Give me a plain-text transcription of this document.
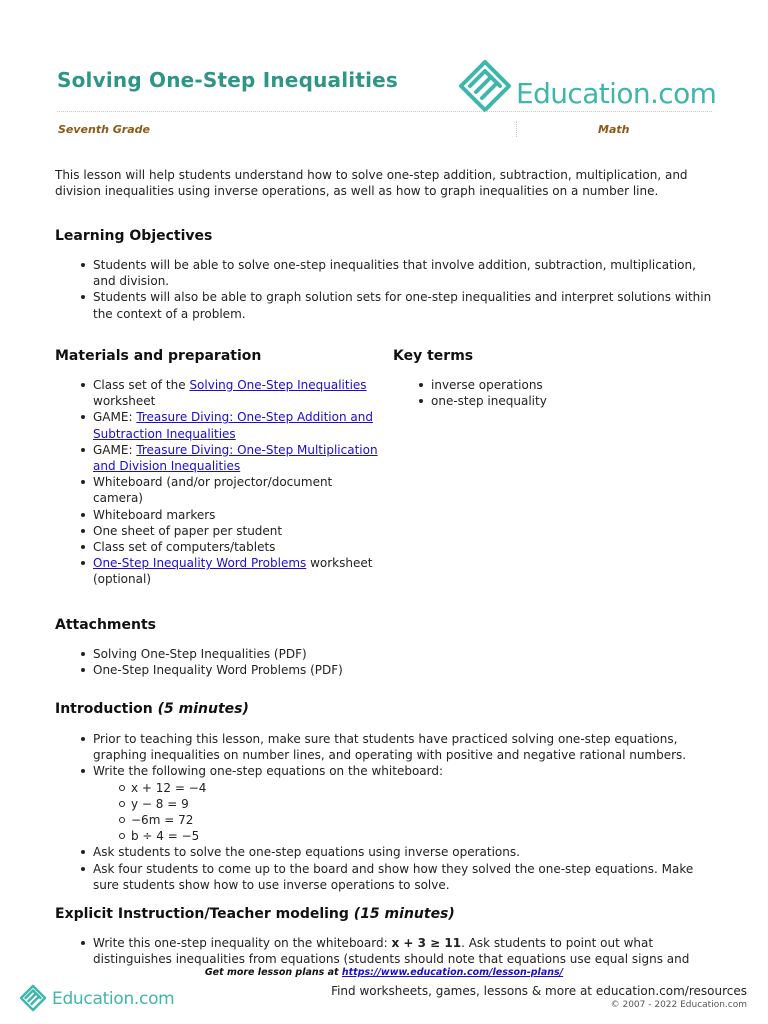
Solving One-Step Inequalities	Education.com

Seventh Grade	Math

This lesson will help students understand how to solve one-step addition, subtraction, multiplication, and division inequalities using inverse operations, as well as how to graph inequalities on a number line.

Learning Objectives
Students will be able to solve one-step inequalities that involve addition, subtraction, multiplication, and division.
Students will also be able to graph solution sets for one-step inequalities and interpret solutions within the context of a problem.
Materials and preparation
Class set of the Solving One-Step Inequalities worksheet
GAME: Treasure Diving: One-Step Addition and Subtraction Inequalities
GAME: Treasure Diving: One-Step Multiplication and Division Inequalities
Whiteboard (and/or projector/document camera)
Whiteboard markers
One sheet of paper per student
Class set of computers/tablets
One-Step Inequality Word Problems worksheet (optional)
Key terms
inverse operations
one-step inequality
Attachments
Solving One-Step Inequalities (PDF)
One-Step Inequality Word Problems (PDF)
Introduction (5 minutes)
Prior to teaching this lesson, make sure that students have practiced solving one-step equations, graphing inequalities on number lines, and operating with positive and negative rational numbers.
Write the following one-step equations on the whiteboard:
x + 12 = −4
y − 8 = 9
−6m = 72
b ÷ 4 = −5
Ask students to solve the one-step equations using inverse operations.
Ask four students to come up to the board and show how they solved the one-step equations. Make sure students show how to use inverse operations to solve.
Explicit Instruction/Teacher modeling (15 minutes)
Write this one-step inequality on the whiteboard: x + 3 ≥ 11. Ask students to point out what distinguishes inequalities from equations (students should note that equations use equal signs and

Get more lesson plans at https://www.education.com/lesson-plans/

Education.com	Find worksheets, games, lessons & more at education.com/resources

© 2007 - 2022 Education.com
